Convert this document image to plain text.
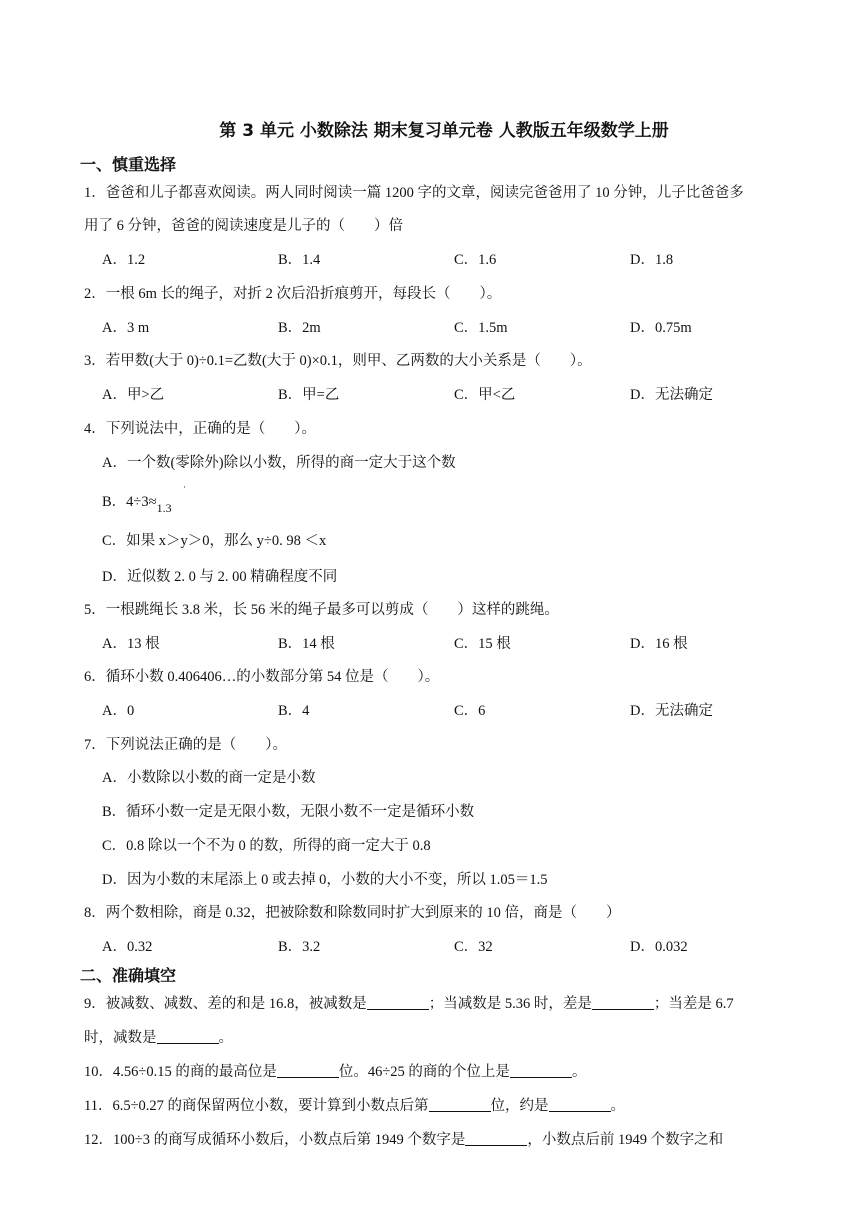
第 3 单元 小数除法 期末复习单元卷 人教版五年级数学上册
一、慎重选择
1．爸爸和儿子都喜欢阅读。两人同时阅读一篇 1200 字的文章，阅读完爸爸用了 10 分钟，儿子比爸爸多
用了 6 分钟，爸爸的阅读速度是儿子的（　　）倍
A．1.2	B．1.4	C．1.6	D．1.8
2．一根 6m 长的绳子，对折 2 次后沿折痕剪开，每段长（　　）。
A．3 m	B．2m	C．1.5m	D．0.75m
3．若甲数(大于 0)÷0.1=乙数(大于 0)×0.1，则甲、乙两数的大小关系是（　　）。
A．甲>乙	B．甲=乙	C．甲<乙	D．无法确定
4．下列说法中，正确的是（　　）。
A．一个数(零除外)除以小数，所得的商一定大于这个数
B．$4\div 3\approx_{1.3}$
·
C．如果 x＞y＞0，那么 y÷0. 98 ＜x
D．近似数 2. 0 与 2. 00 精确程度不同
5．一根跳绳长 3.8 米，长 56 米的绳子最多可以剪成（　　）这样的跳绳。
A．13 根	B．14 根	C．15 根	D．16 根
6．循环小数 0.406406…的小数部分第 54 位是（　　）。
A．0	B．4	C．6	D．无法确定
7．下列说法正确的是（　　）。
A．小数除以小数的商一定是小数
B．循环小数一定是无限小数，无限小数不一定是循环小数
C．0.8 除以一个不为 0 的数，所得的商一定大于 0.8
D．因为小数的末尾添上 0 或去掉 0，小数的大小不变，所以 1.05＝1.5
8．两个数相除，商是 0.32，把被除数和除数同时扩大到原来的 10 倍，商是（　　）
A．0.32	B．3.2	C．32	D．0.032
二、准确填空
9．被减数、减数、差的和是 16.8，被减数是	；当减数是 5.36 时，差是	；当差是 6.7
时，减数是	。
10．4.56÷0.15 的商的最高位是	位。46÷25 的商的个位上是	。
11．6.5÷0.27 的商保留两位小数，要计算到小数点后第	位，约是	。
12．100÷3 的商写成循环小数后，小数点后第 1949 个数字是	，小数点后前 1949 个数字之和
